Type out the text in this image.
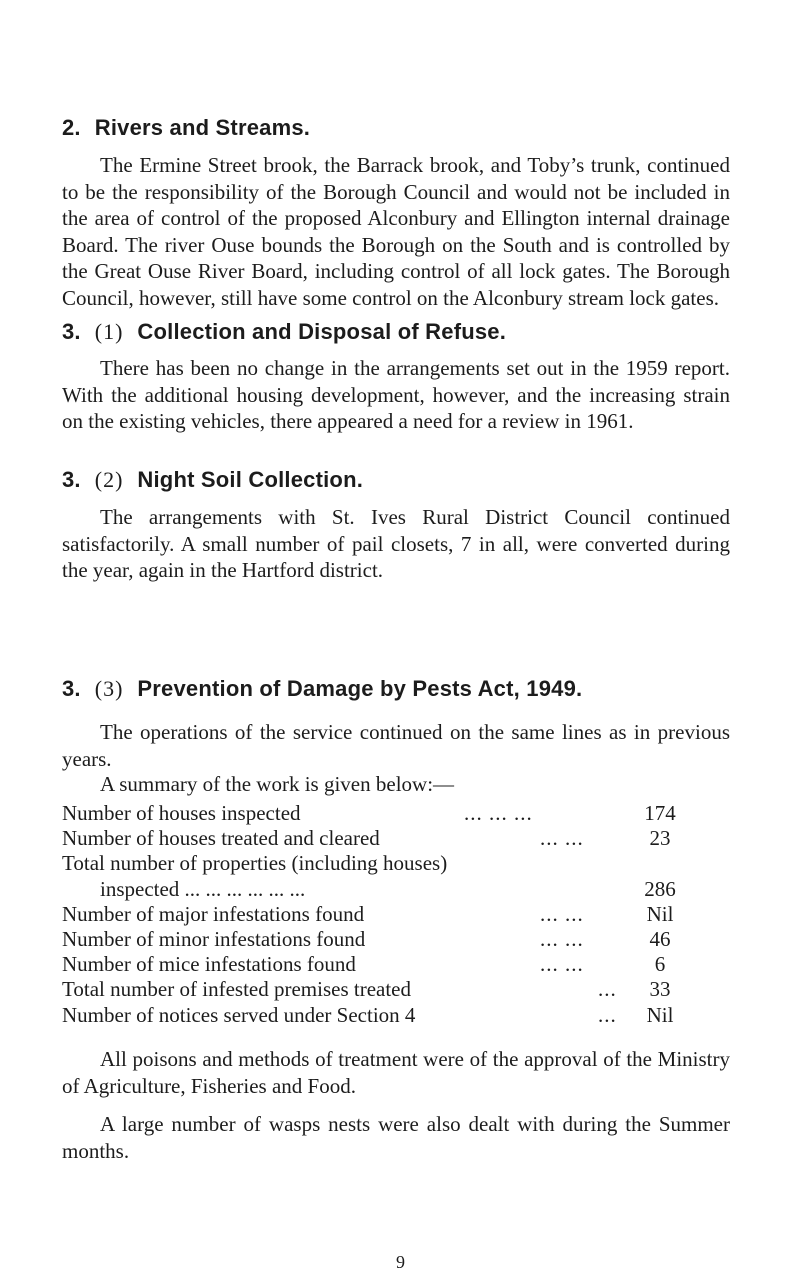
2. Rivers and Streams.

The Ermine Street brook, the Barrack brook, and Toby’s trunk, continued to be the responsibility of the Borough Council and would not be included in the area of control of the proposed Alconbury and Ellington internal drainage Board. The river Ouse bounds the Borough on the South and is controlled by the Great Ouse River Board, including control of all lock gates. The Borough Council, however, still have some control on the Alconbury stream lock gates.

3. (1) Collection and Disposal of Refuse.

There has been no change in the arrangements set out in the 1959 report. With the additional housing development, however, and the increasing strain on the existing vehicles, there appeared a need for a review in 1961.

3. (2) Night Soil Collection.

The arrangements with St. Ives Rural District Council continued satisfactorily. A small number of pail closets, 7 in all, were converted during the year, again in the Hartford district.

3. (3) Prevention of Damage by Pests Act, 1949.

The operations of the service continued on the same lines as in previous years.

A summary of the work is given below:—

Number of houses inspected	... ... ...	174
Number of houses treated and cleared	... ...	23
Total number of properties (including houses)
inspected ... ... ... ... ... ...	286
Number of major infestations found	... ...	Nil
Number of minor infestations found	... ...	46
Number of mice infestations found	... ...	6
Total number of infested premises treated	...	33
Number of notices served under Section 4	...	Nil

All poisons and methods of treatment were of the approval of the Ministry of Agriculture, Fisheries and Food.

A large number of wasps nests were also dealt with during the Summer months.

9
